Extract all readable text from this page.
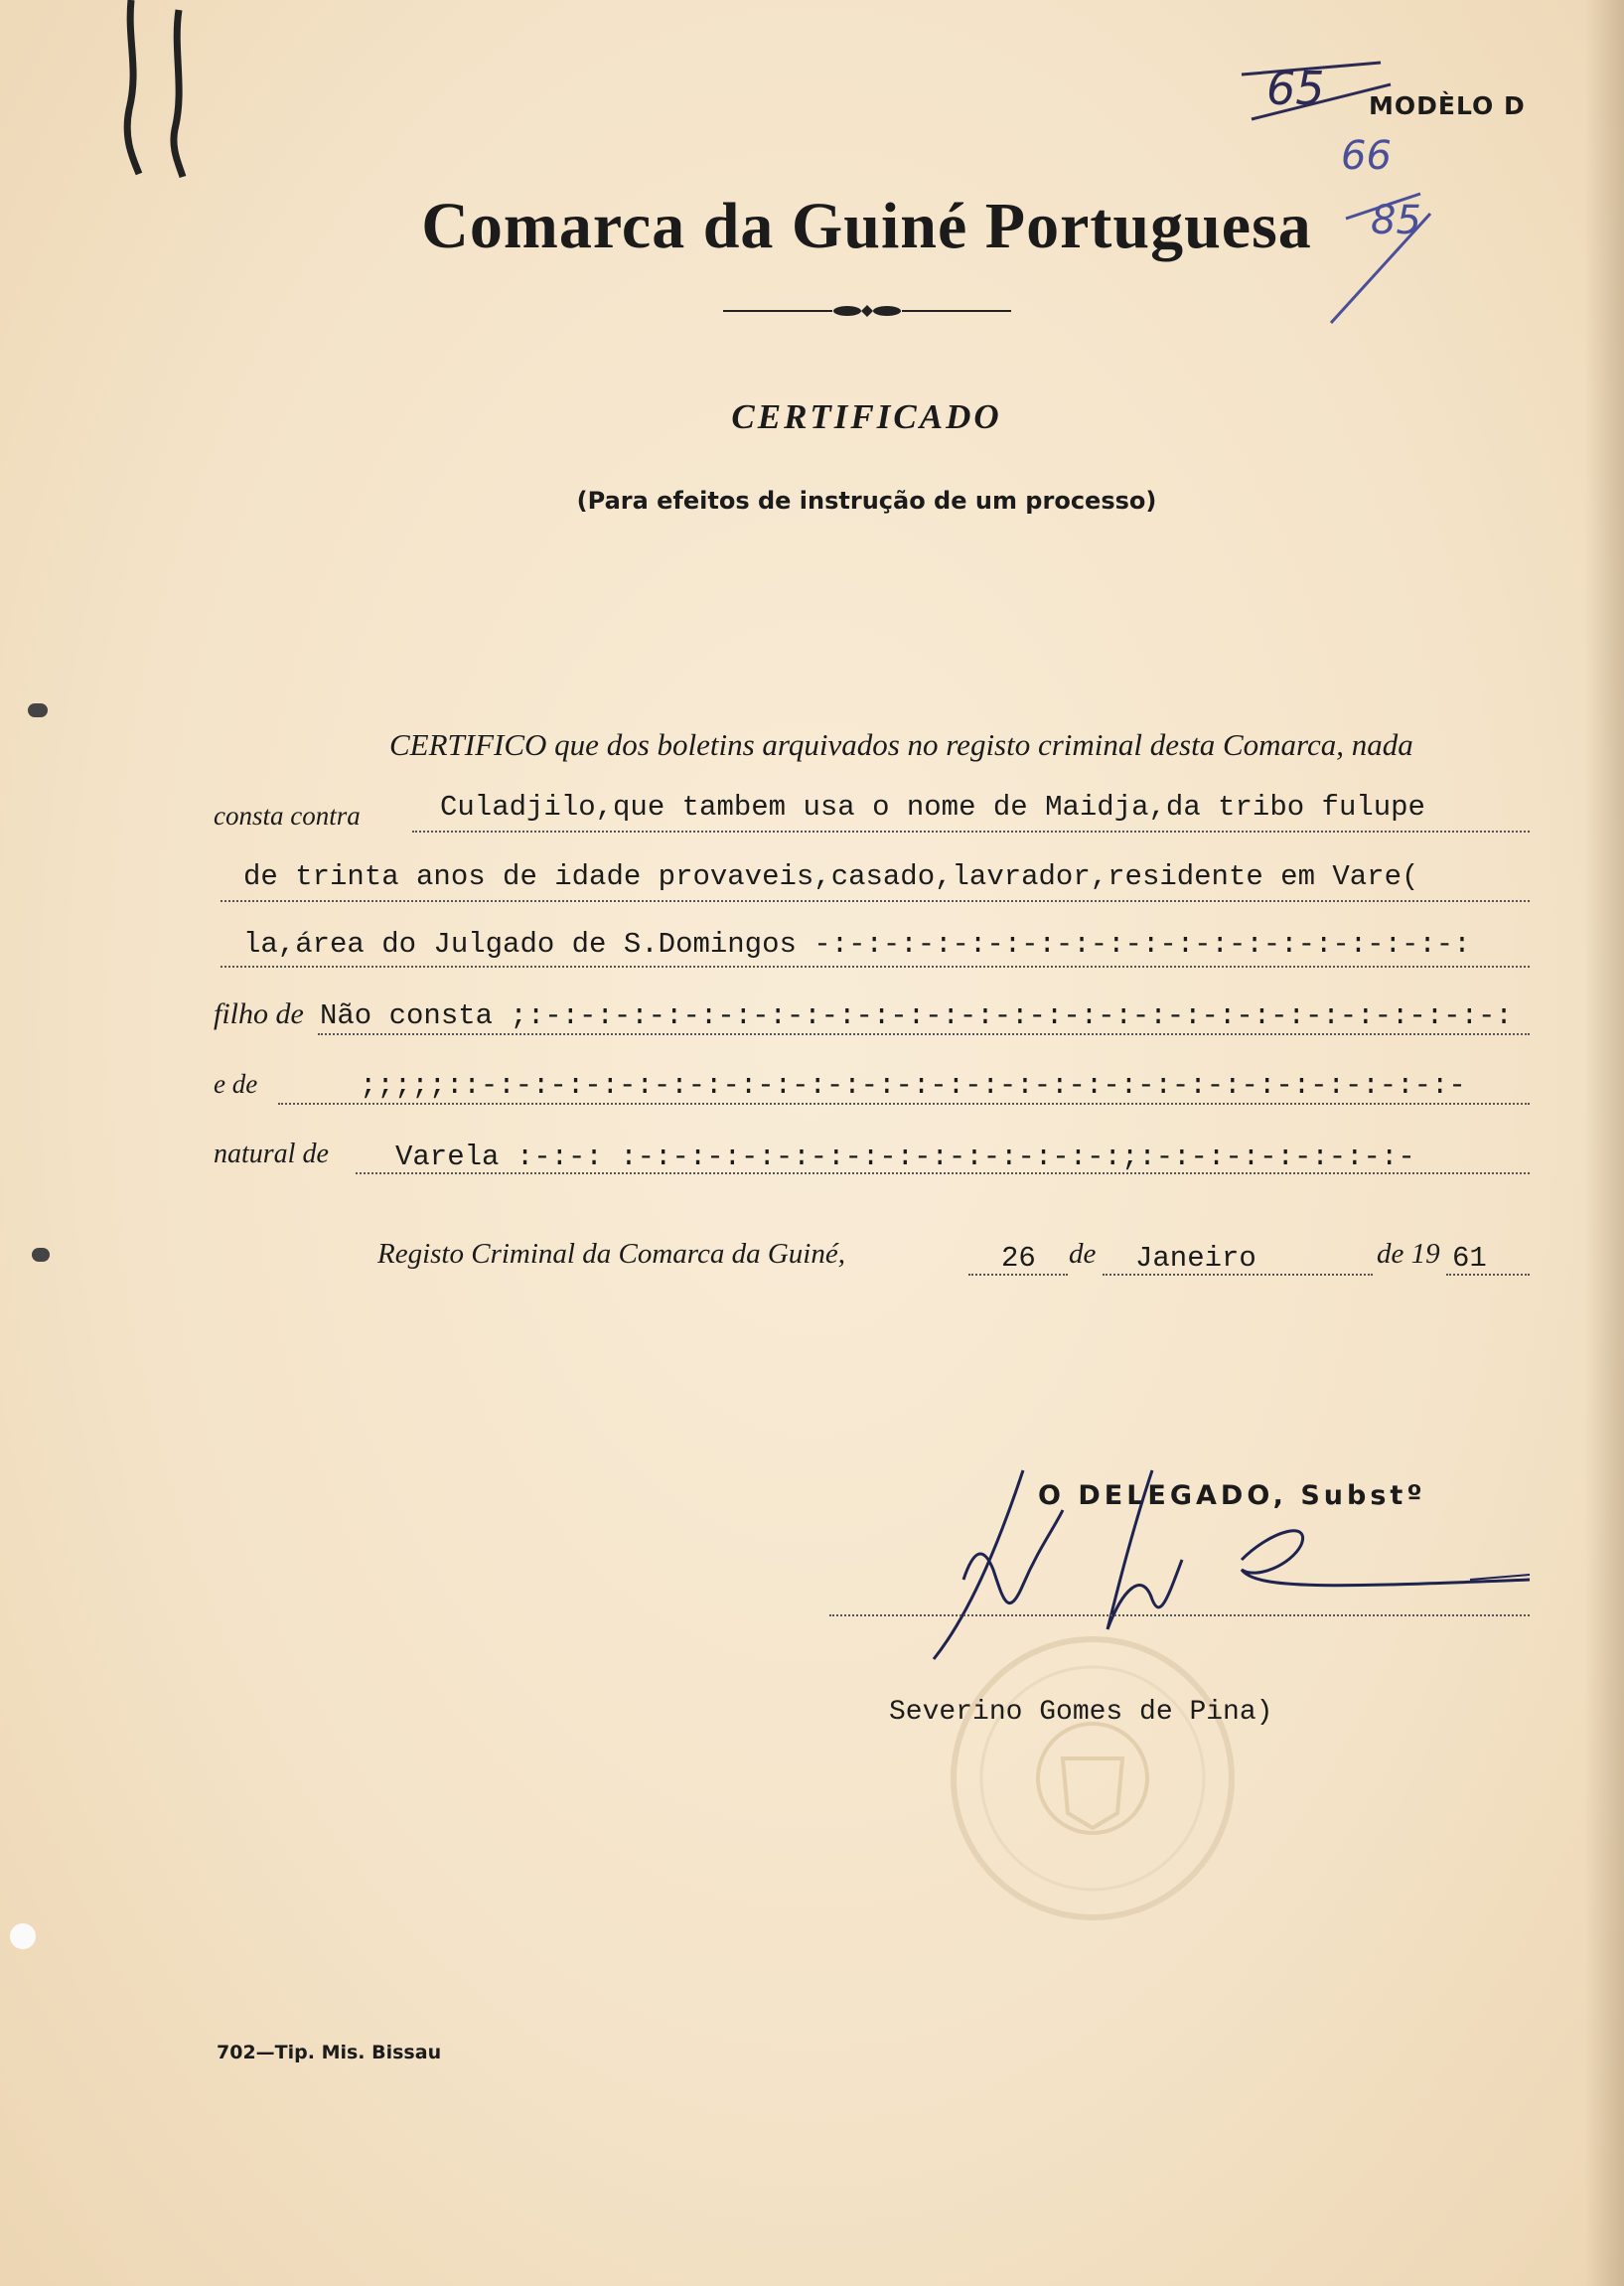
MODÈLO D
65
66
85
Comarca da Guiné Portuguesa
CERTIFICADO
(Para efeitos de instrução de um processo)
CERTIFICO que dos boletins arquivados no registo criminal desta Comarca, nada
consta contra	Culadjilo,que tambem usa o nome de Maidja,da tribo fulupe
de trinta anos de idade provaveis,casado,lavrador,residente em Vare(
la,área do Julgado de S.Domingos -:-:-:-:-:-:-:-:-:-:-:-:-:-:-:-:-:-:-:
filho de Não consta ;:-:-:-:-:-:-:-:-:-:-:-:-:-:-:-:-:-:-:-:-:-:-:-:-:-:-:-:-:
e de	;;;;;::-:-:-:-:-:-:-:-:-:-:-:-:-:-:-:-:-:-:-:-:-:-:-:-:-:-:-:-:-
natural de Varela :-:-: :-:-:-:-:-:-:-:-:-:-:-:-:-:-:;:-:-:-:-:-:-:-:-
Registo Criminal da Comarca da Guiné,	26 de Janeiro	de 19 61
O DELEGADO, Substº
Severino Gomes de Pina)
702—Tip. Mis. Bissau
